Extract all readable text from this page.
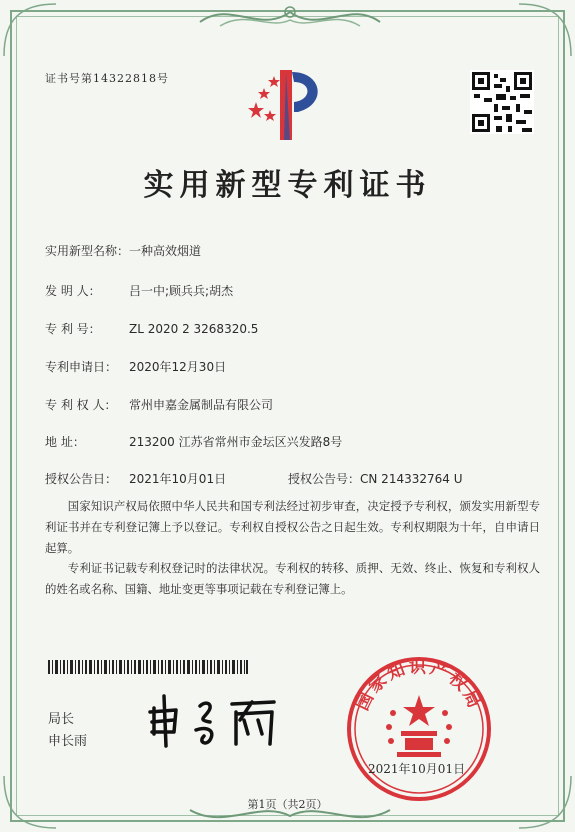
证书号第14322818号
实用新型专利证书
实用新型名称：一种高效烟道
发 明 人： 吕一中;顾兵兵;胡杰
专 利 号： ZL 2020 2 3268320.5
专利申请日： 2020年12月30日
专 利 权 人： 常州申嘉金属制品有限公司
地 址：	213200 江苏省常州市金坛区兴发路8号
授权公告日： 2021年10月01日	授权公告号：CN 214332764 U
国家知识产权局依照中华人民共和国专利法经过初步审查，决定授予专利权，颁发实用新型专利证书并在专利登记簿上予以登记。专利权自授权公告之日起生效。专利权期限为十年，自申请日起算。
专利证书记载专利权登记时的法律状况。专利权的转移、质押、无效、终止、恢复和专利权人的姓名或名称、国籍、地址变更等事项记载在专利登记簿上。
局长
申长雨
国家知识产权局
2021年10月01日
第1页（共2页）
